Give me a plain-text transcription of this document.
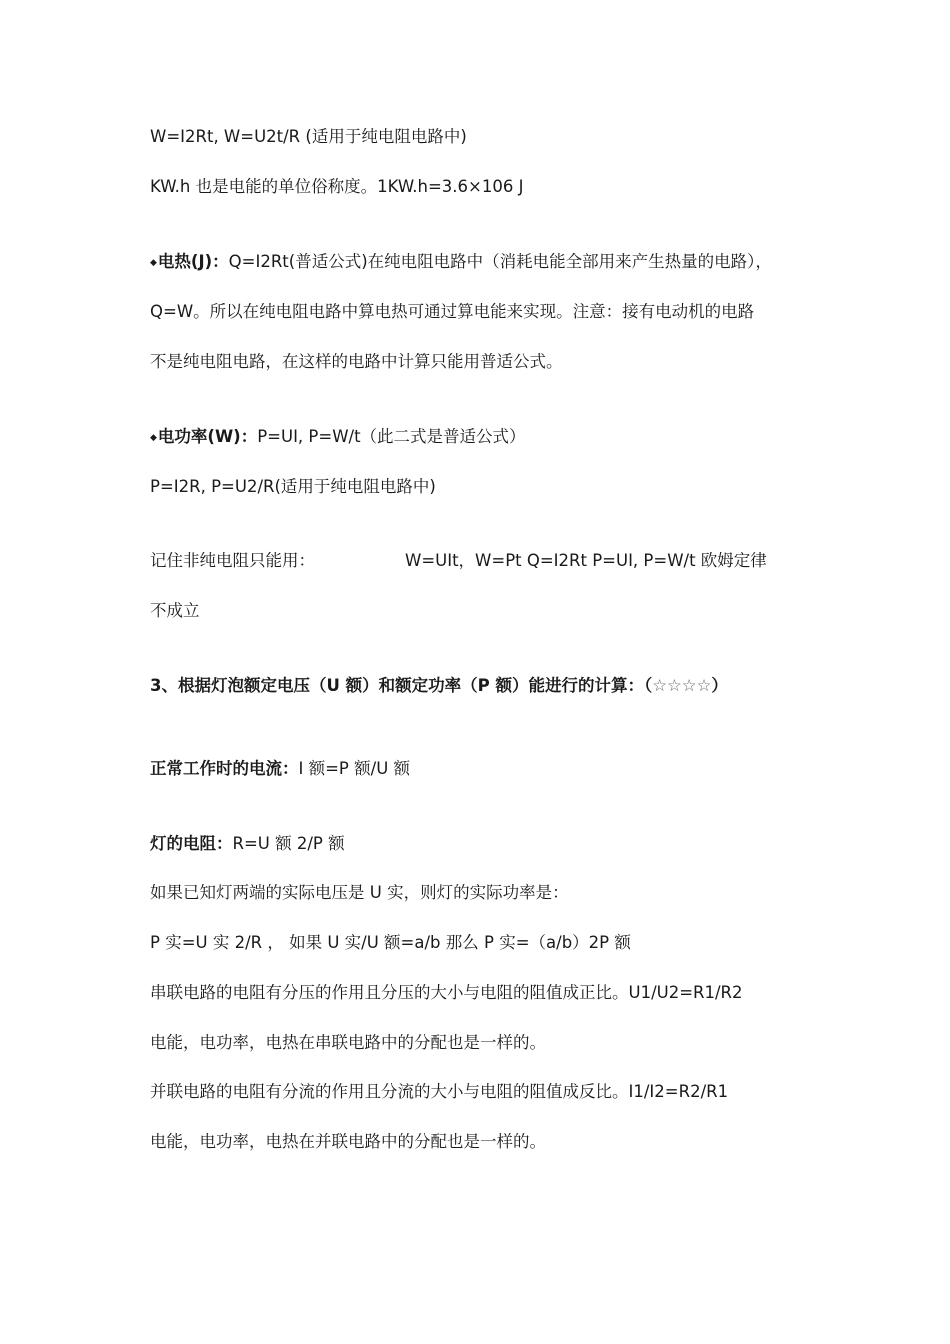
W=I2Rt, W=U2t/R (适用于纯电阻电路中)
KW.h 也是电能的单位俗称度。1KW.h=3.6×106 J
◆电热(J)：Q=I2Rt(普适公式)在纯电阻电路中（消耗电能全部用来产生热量的电路），
Q=W。所以在纯电阻电路中算电热可通过算电能来实现。注意：接有电动机的电路
不是纯电阻电路，在这样的电路中计算只能用普适公式。
◆电功率(W)：P=UI, P=W/t（此二式是普适公式）
P=I2R, P=U2/R(适用于纯电阻电路中)
记住非纯电阻只能用：	W=UIt，W=Pt Q=I2Rt P=UI, P=W/t 欧姆定律
不成立
3、根据灯泡额定电压（U 额）和额定功率（P 额）能进行的计算：（☆☆☆☆）
正常工作时的电流：I 额=P 额/U 额
灯的电阻：R=U 额 2/P 额
如果已知灯两端的实际电压是 U 实，则灯的实际功率是：
P 实=U 实 2/R ， 如果 U 实/U 额=a/b 那么 P 实=（a/b）2P 额
串联电路的电阻有分压的作用且分压的大小与电阻的阻值成正比。U1/U2=R1/R2
电能，电功率，电热在串联电路中的分配也是一样的。
并联电路的电阻有分流的作用且分流的大小与电阻的阻值成反比。I1/I2=R2/R1
电能，电功率，电热在并联电路中的分配也是一样的。
